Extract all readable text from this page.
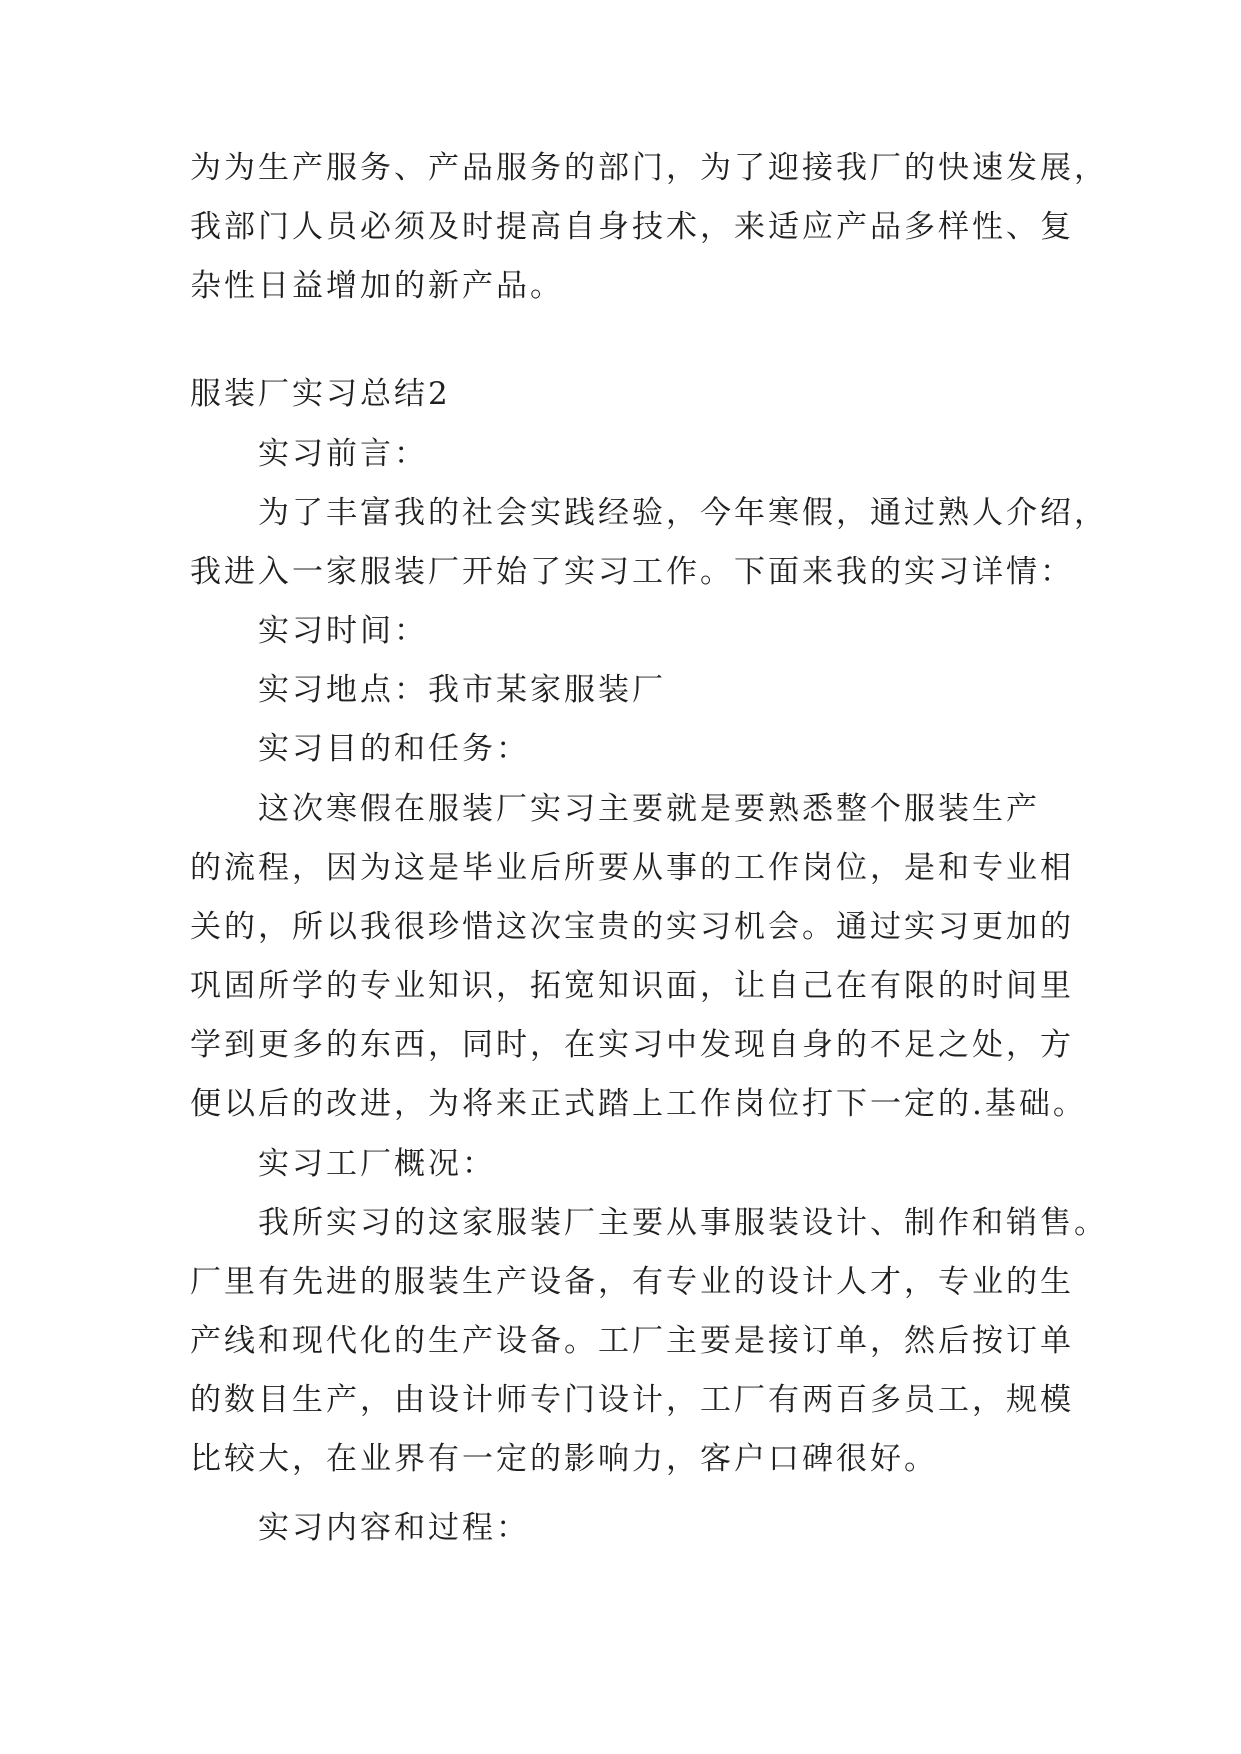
为为生产服务、产品服务的部门，为了迎接我厂的快速发展，
我部门人员必须及时提高自身技术，来适应产品多样性、复
杂性日益增加的新产品。
服装厂实习总结2
实习前言：
为了丰富我的社会实践经验，今年寒假，通过熟人介绍，
我进入一家服装厂开始了实习工作。下面来我的实习详情：
实习时间：
实习地点：我市某家服装厂
实习目的和任务：
这次寒假在服装厂实习主要就是要熟悉整个服装生产
的流程，因为这是毕业后所要从事的工作岗位，是和专业相
关的，所以我很珍惜这次宝贵的实习机会。通过实习更加的
巩固所学的专业知识，拓宽知识面，让自己在有限的时间里
学到更多的东西，同时，在实习中发现自身的不足之处，方
便以后的改进，为将来正式踏上工作岗位打下一定的.基础。
实习工厂概况：
我所实习的这家服装厂主要从事服装设计、制作和销售。
厂里有先进的服装生产设备，有专业的设计人才，专业的生
产线和现代化的生产设备。工厂主要是接订单，然后按订单
的数目生产，由设计师专门设计，工厂有两百多员工，规模
比较大，在业界有一定的影响力，客户口碑很好。
实习内容和过程：
